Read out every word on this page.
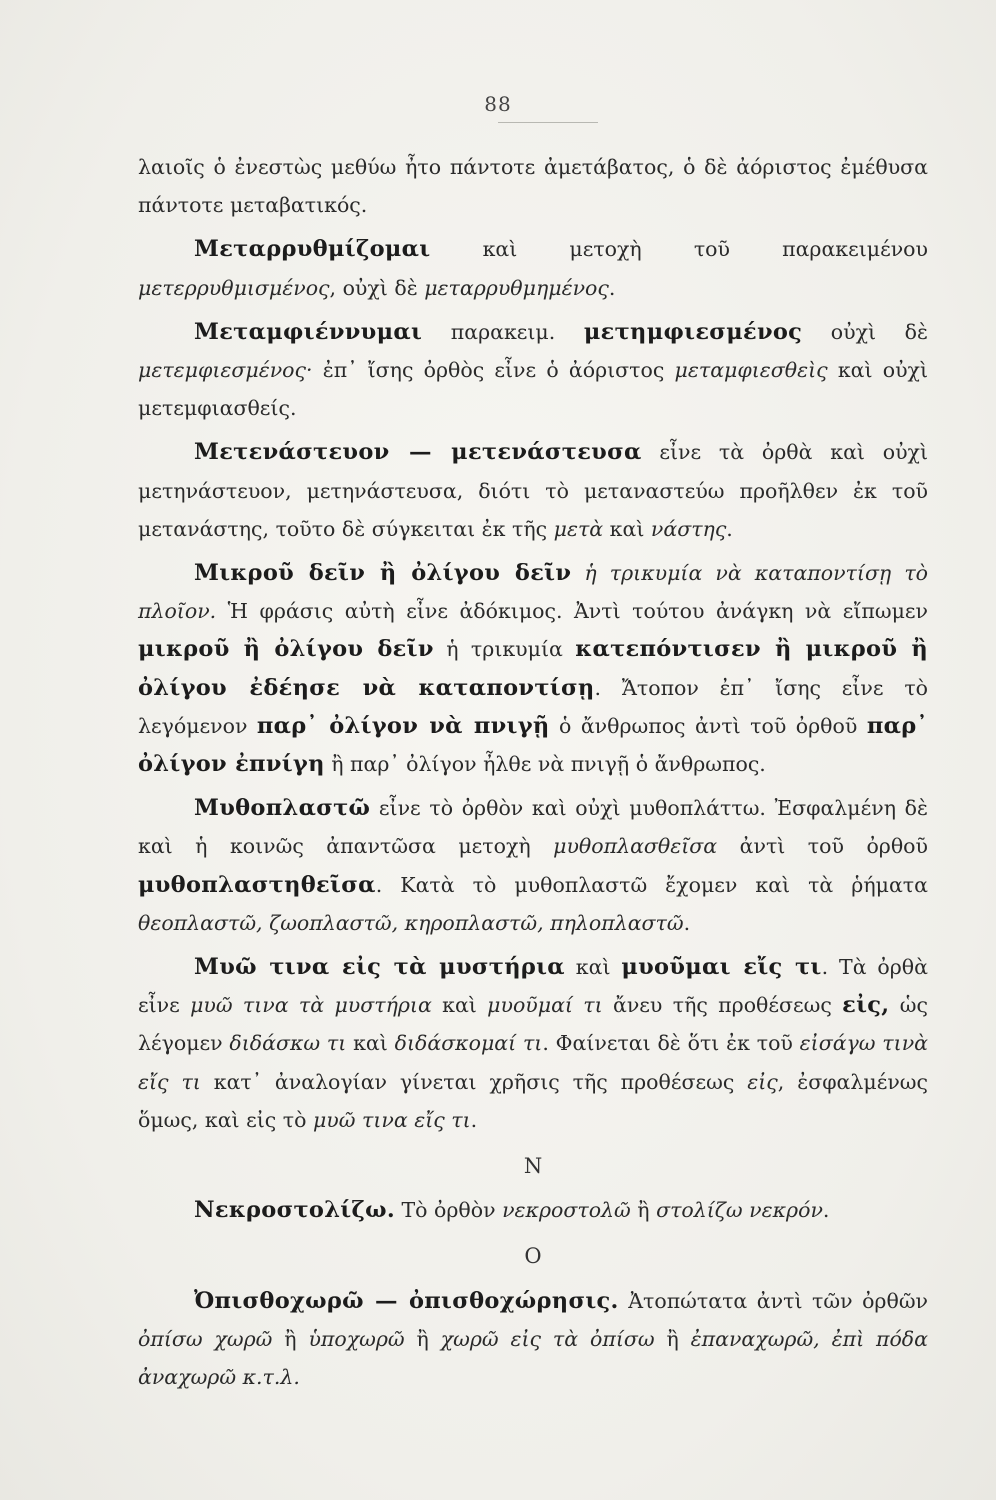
88

λαιοῖς ὁ ἐνεστὼς μεθύω ἦτο πάντοτε ἀμετάβατος, ὁ δὲ ἀόριστος ἐμέθυσα πάντοτε μεταβατικός.

Μεταρρυθμίζομαι καὶ μετοχὴ τοῦ παρακειμένου μετερρυθμισμένος, οὐχὶ δὲ μεταρρυθμημένος.

Μεταμφιέννυμαι παρακειμ. μετημφιεσμένος οὐχὶ δὲ μετεμφιεσμένος· ἐπ᾽ ἴσης ὀρθὸς εἶνε ὁ ἀόριστος μεταμφιεσθεὶς καὶ οὐχὶ μετεμφιασθείς.

Μετενάστευον — μετενάστευσα εἶνε τὰ ὀρθὰ καὶ οὐχὶ μετηνάστευον, μετηνάστευσα, διότι τὸ μεταναστεύω προῆλθεν ἐκ τοῦ μετανάστης, τοῦτο δὲ σύγκειται ἐκ τῆς μετὰ καὶ νάστης.

Μικροῦ δεῖν ἢ ὀλίγου δεῖν ἡ τρικυμία νὰ καταποντίσῃ τὸ πλοῖον. Ἡ φράσις αὐτὴ εἶνε ἀδόκιμος. Ἀντὶ τούτου ἀνάγκη νὰ εἴπωμεν μικροῦ ἢ ὀλίγου δεῖν ἡ τρικυμία κατεπόντισεν ἢ μικροῦ ἢ ὀλίγου ἐδέησε νὰ καταποντίσῃ. Ἄτοπον ἐπ᾽ ἴσης εἶνε τὸ λεγόμενον παρ᾽ ὀλίγον νὰ πνιγῇ ὁ ἄνθρωπος ἀντὶ τοῦ ὀρθοῦ παρ᾽ ὀλίγον ἐπνίγη ἢ παρ᾽ ὀλίγον ἦλθε νὰ πνιγῇ ὁ ἄνθρωπος.

Μυθοπλαστῶ εἶνε τὸ ὀρθὸν καὶ οὐχὶ μυθοπλάττω. Ἐσφαλμένη δὲ καὶ ἡ κοινῶς ἀπαντῶσα μετοχὴ μυθοπλασθεῖσα ἀντὶ τοῦ ὀρθοῦ μυθοπλαστηθεῖσα. Κατὰ τὸ μυθοπλαστῶ ἔχομεν καὶ τὰ ῥήματα θεοπλαστῶ, ζωοπλαστῶ, κηροπλαστῶ, πηλοπλαστῶ.

Μυῶ τινα εἰς τὰ μυστήρια καὶ μυοῦμαι εἴς τι. Τὰ ὀρθὰ εἶνε μυῶ τινα τὰ μυστήρια καὶ μυοῦμαί τι ἄνευ τῆς προθέσεως εἰς, ὡς λέγομεν διδάσκω τι καὶ διδάσκομαί τι. Φαίνεται δὲ ὅτι ἐκ τοῦ εἰσάγω τινὰ εἴς τι κατ᾽ ἀναλογίαν γίνεται χρῆσις τῆς προθέσεως εἰς, ἐσφαλμένως ὅμως, καὶ εἰς τὸ μυῶ τινα εἴς τι.

Ν

Νεκροστολίζω. Τὸ ὀρθὸν νεκροστολῶ ἢ στολίζω νεκρόν.

Ο

Ὀπισθοχωρῶ — ὀπισθοχώρησις. Ἀτοπώτατα ἀντὶ τῶν ὀρθῶν ὀπίσω χωρῶ ἢ ὑποχωρῶ ἢ χωρῶ εἰς τὰ ὀπίσω ἢ ἐπαναχωρῶ, ἐπὶ πόδα ἀναχωρῶ κ.τ.λ.
